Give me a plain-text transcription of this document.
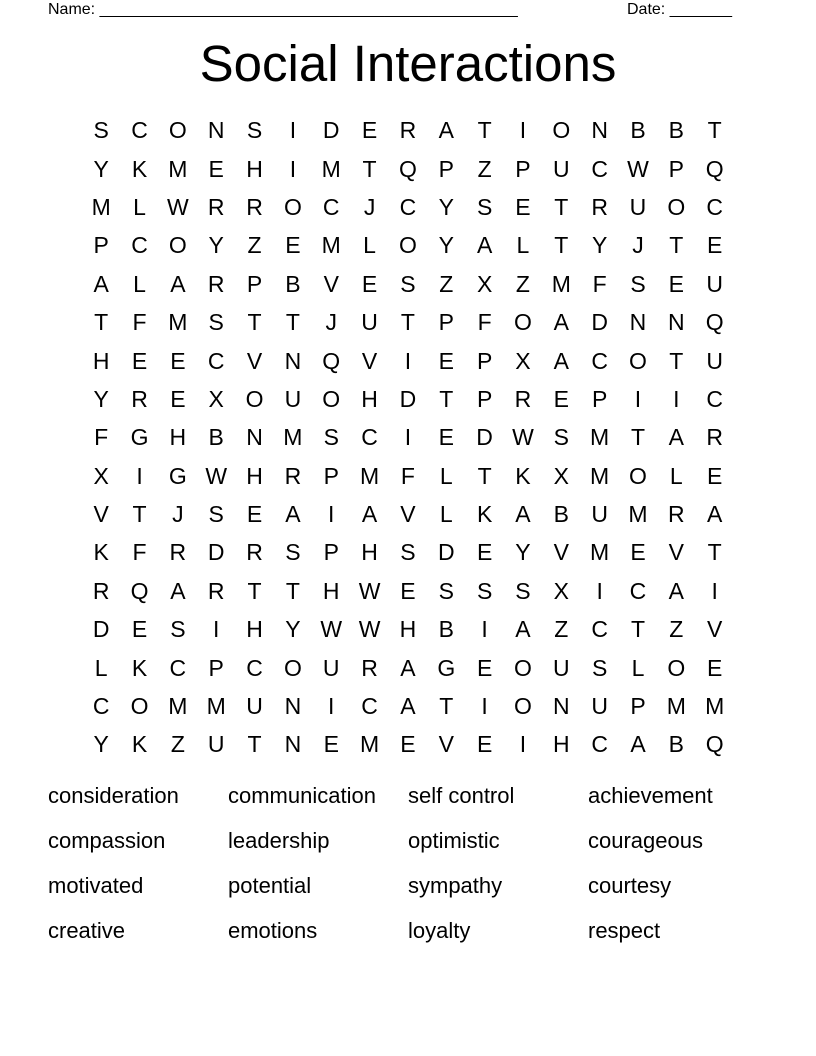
Name: _______________________________________________	Date: _______
Social Interactions
S C O N S	I	D E R A	T	I	O N B	B	T
Y	K M E H	I	M T Q P	Z	P U C W P Q
M L W R R O C	J	C Y	S	E	T	R U O C
P C O Y	Z	E M L	O Y	A	L	T	Y	J	T	E
A	L	A R P	B	V	E	S	Z	X	Z M F	S	E U
T	F M S	T	T	J	U	T	P	F O A D N N Q
H E	E C V N Q V	I	E	P	X	A C O T	U
Y R E	X O U O H D	T	P R E	P	I	I	C
F G H B N M S C	I	E D W S M T	A R
X	I	G W H R P M F	L	T	K	X M O	L	E
V	T	J	S	E	A	I	A	V	L	K	A	B U M R A
K	F	R D R S	P H S D E	Y	V M E	V	T
R Q A R	T	T	H W E	S	S	S	X	I	C A	I
D E	S	I	H Y W W H B	I	A	Z	C	T	Z	V
L	K C P C O U R A G E O U S	L	O E
C O M M U N	I	C A	T	I	O N U P M M
Y	K	Z	U	T	N E M E	V	E	I	H C A	B Q
consideration	communication	self control	achievement
compassion	leadership	optimistic	courageous
motivated	potential	sympathy	courtesy
creative	emotions	loyalty	respect
